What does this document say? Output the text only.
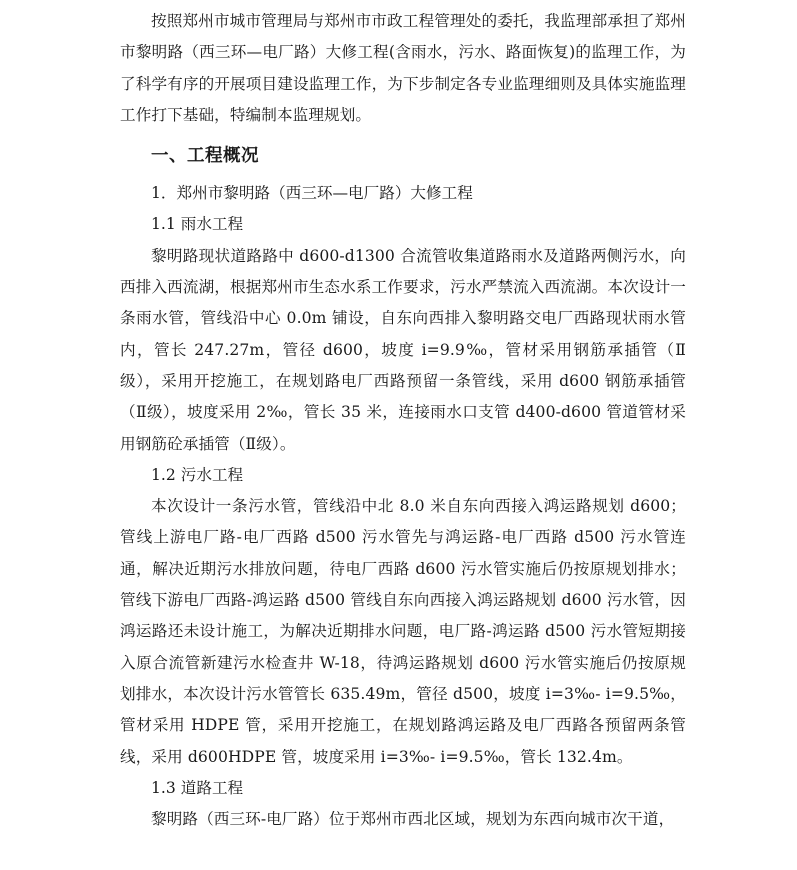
按照郑州市城市管理局与郑州市市政工程管理处的委托，我监理部承担了郑州市黎明路（西三环—电厂路）大修工程(含雨水，污水、路面恢复)的监理工作，为了科学有序的开展项目建设监理工作，为下步制定各专业监理细则及具体实施监理工作打下基础，特编制本监理规划。

一、工程概况

1．郑州市黎明路（西三环—电厂路）大修工程

1.1 雨水工程

黎明路现状道路路中 d600-d1300 合流管收集道路雨水及道路两侧污水，向西排入西流湖，根据郑州市生态水系工作要求，污水严禁流入西流湖。本次设计一条雨水管，管线沿中心 0.0m 铺设，自东向西排入黎明路交电厂西路现状雨水管内，管长 247.27m，管径 d600，坡度 i=9.9‰，管材采用钢筋承插管（Ⅱ级），采用开挖施工，在规划路电厂西路预留一条管线，采用 d600 钢筋承插管（Ⅱ级），坡度采用 2‰，管长 35 米，连接雨水口支管 d400-d600 管道管材采用钢筋砼承插管（Ⅱ级）。

1.2 污水工程

本次设计一条污水管，管线沿中北 8.0 米自东向西接入鸿运路规划 d600；管线上游电厂路-电厂西路 d500 污水管先与鸿运路-电厂西路 d500 污水管连通，解决近期污水排放问题，待电厂西路 d600 污水管实施后仍按原规划排水；管线下游电厂西路-鸿运路 d500 管线自东向西接入鸿运路规划 d600 污水管，因鸿运路还未设计施工，为解决近期排水问题，电厂路-鸿运路 d500 污水管短期接入原合流管新建污水检查井 W-18，待鸿运路规划 d600 污水管实施后仍按原规划排水，本次设计污水管管长 635.49m，管径 d500，坡度 i=3‰- i=9.5‰，管材采用 HDPE 管，采用开挖施工，在规划路鸿运路及电厂西路各预留两条管线，采用 d600HDPE 管，坡度采用 i=3‰- i=9.5‰，管长 132.4m。

1.3 道路工程

黎明路（西三环-电厂路）位于郑州市西北区域，规划为东西向城市次干道，
